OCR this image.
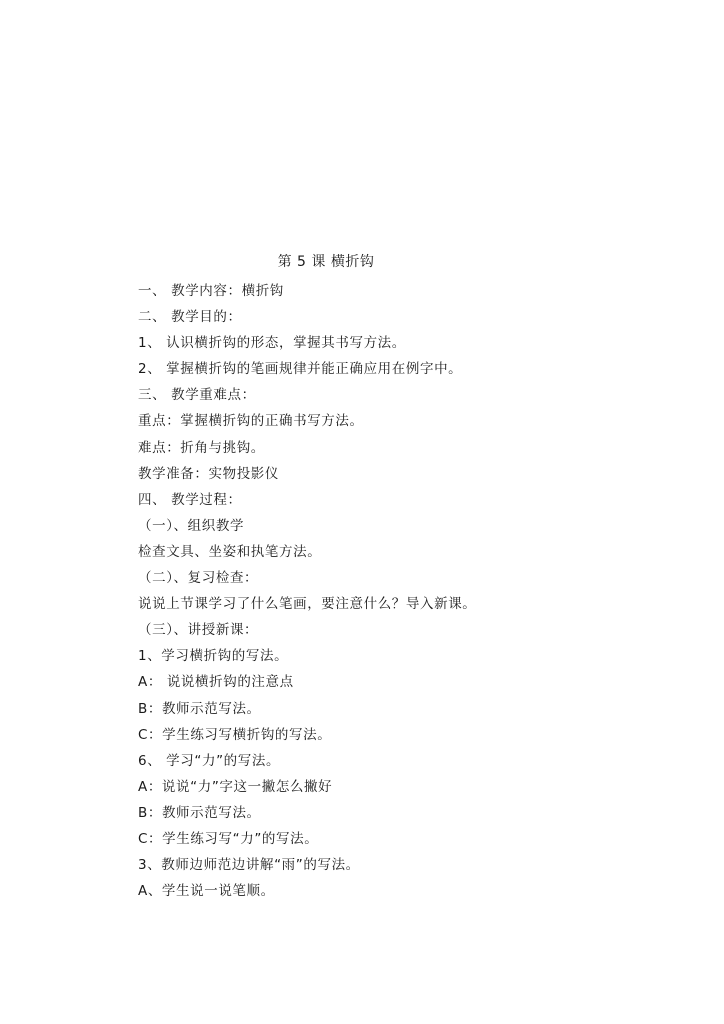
第 5 课 横折钩
一、 教学内容：横折钩
二、 教学目的：
1、 认识横折钩的形态，掌握其书写方法。
2、 掌握横折钩的笔画规律并能正确应用在例字中。
三、 教学重难点：
重点：掌握横折钩的正确书写方法。
难点：折角与挑钩。
教学准备：实物投影仪
四、 教学过程：
（一）、组织教学
检查文具、坐姿和执笔方法。
（二）、复习检查：
说说上节课学习了什么笔画，要注意什么？导入新课。
（三）、讲授新课：
1、学习横折钩的写法。
A： 说说横折钩的注意点
B：教师示范写法。
C：学生练习写横折钩的写法。
6、 学习“力”的写法。
A：说说“力”字这一撇怎么撇好
B：教师示范写法。
C：学生练习写“力”的写法。
3、教师边师范边讲解“雨”的写法。
A、学生说一说笔顺。
